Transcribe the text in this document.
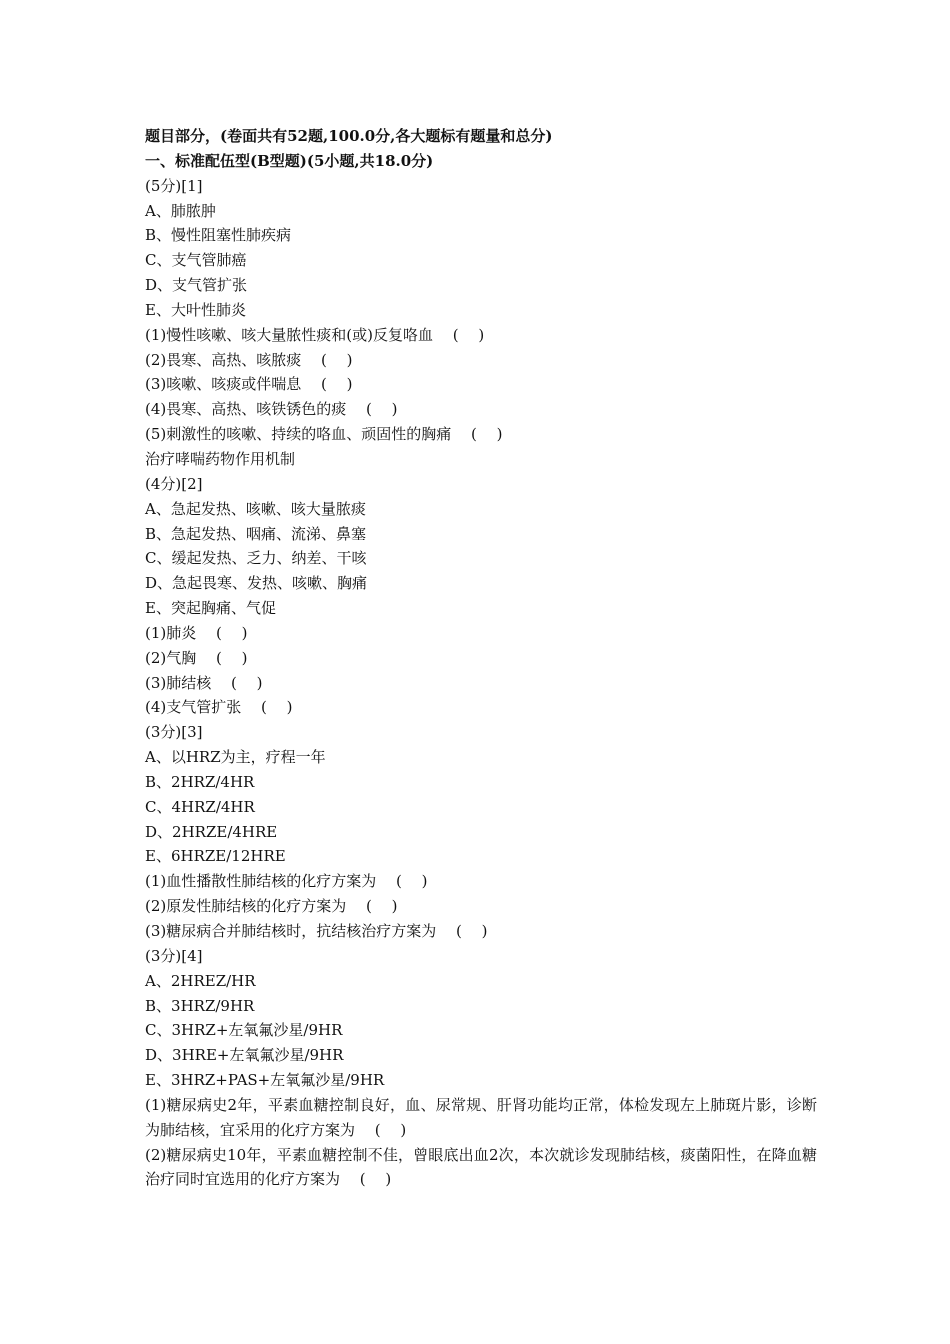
题目部分，(卷面共有52题,100.0分,各大题标有题量和总分)
一、标准配伍型(B型题)(5小题,共18.0分)
(5分)[1]
A、肺脓肿
B、慢性阻塞性肺疾病
C、支气管肺癌
D、支气管扩张
E、大叶性肺炎
(1)慢性咳嗽、咳大量脓性痰和(或)反复咯血 　( 　)
(2)畏寒、高热、咳脓痰 　( 　)
(3)咳嗽、咳痰或伴喘息 　( 　)
(4)畏寒、高热、咳铁锈色的痰 　( 　)
(5)刺激性的咳嗽、持续的咯血、顽固性的胸痛 　( 　)
治疗哮喘药物作用机制
(4分)[2]
A、急起发热、咳嗽、咳大量脓痰
B、急起发热、咽痛、流涕、鼻塞
C、缓起发热、乏力、纳差、干咳
D、急起畏寒、发热、咳嗽、胸痛
E、突起胸痛、气促
(1)肺炎 　( 　)
(2)气胸 　( 　)
(3)肺结核 　( 　)
(4)支气管扩张 　( 　)
(3分)[3]
A、以HRZ为主，疗程一年
B、2HRZ/4HR
C、4HRZ/4HR
D、2HRZE/4HRE
E、6HRZE/12HRE
(1)血性播散性肺结核的化疗方案为 　( 　)
(2)原发性肺结核的化疗方案为 　( 　)
(3)糖尿病合并肺结核时，抗结核治疗方案为 　( 　)
(3分)[4]
A、2HREZ/HR
B、3HRZ/9HR
C、3HRZ+左氧氟沙星/9HR
D、3HRE+左氧氟沙星/9HR
E、3HRZ+PAS+左氧氟沙星/9HR
(1)糖尿病史2年，平素血糖控制良好，血、尿常规、肝肾功能均正常，体检发现左上肺斑片影，诊断为肺结核，宜采用的化疗方案为 　( 　)
(2)糖尿病史10年，平素血糖控制不佳，曾眼底出血2次，本次就诊发现肺结核，痰菌阳性，在降血糖治疗同时宜选用的化疗方案为 　( 　)
